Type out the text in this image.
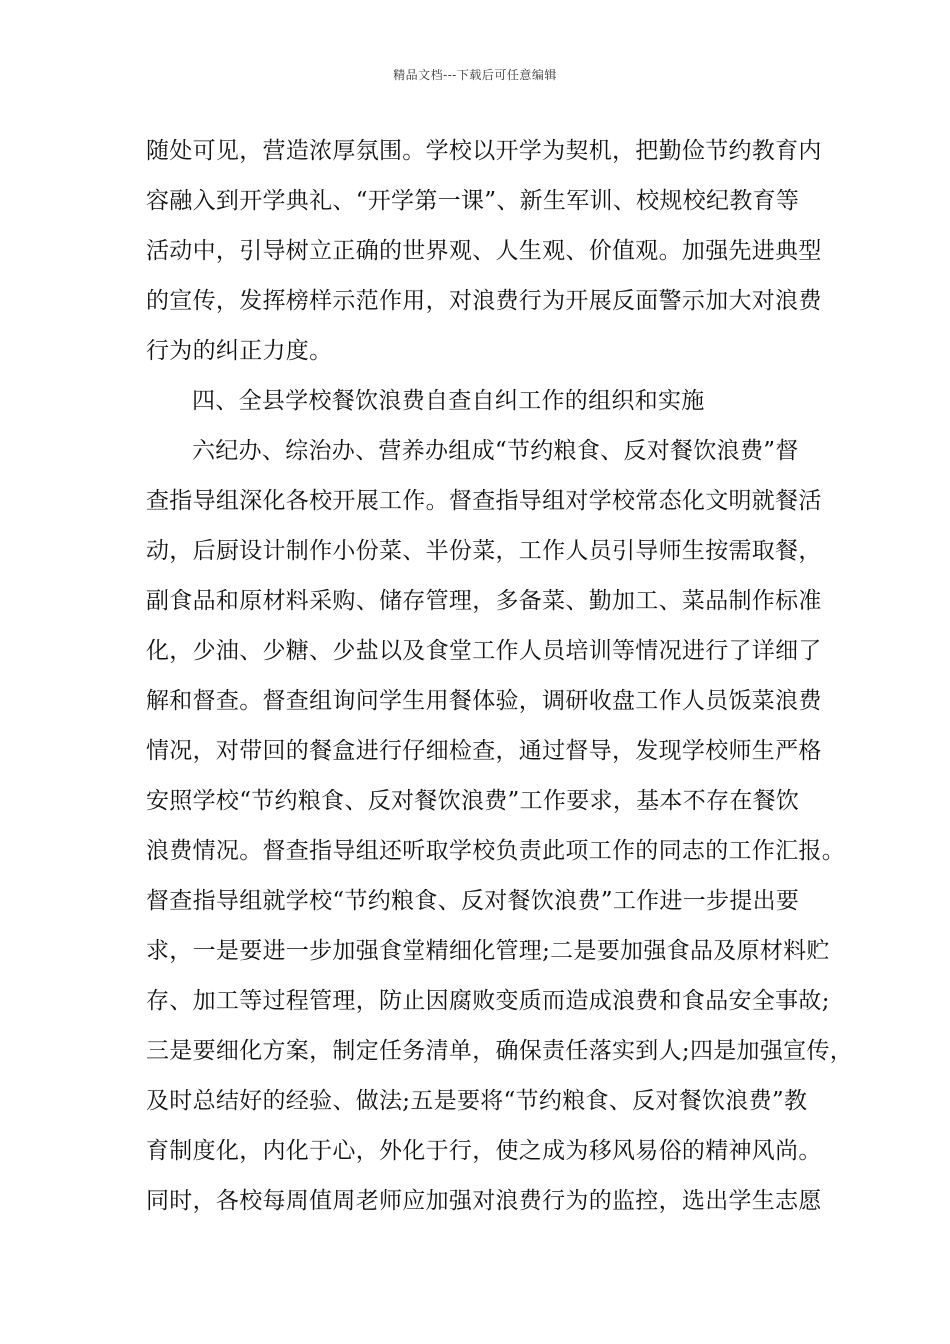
精品文档---下载后可任意编辑
随处可见，营造浓厚氛围。学校以开学为契机，把勤俭节约教育内
容融入到开学典礼、“开学第一课”、新生军训、校规校纪教育等
活动中，引导树立正确的世界观、人生观、价值观。加强先进典型
的宣传，发挥榜样示范作用，对浪费行为开展反面警示加大对浪费
行为的纠正力度。
四、全县学校餐饮浪费自查自纠工作的组织和实施
六纪办、综治办、营养办组成“节约粮食、反对餐饮浪费”督
查指导组深化各校开展工作。督查指导组对学校常态化文明就餐活
动，后厨设计制作小份菜、半份菜，工作人员引导师生按需取餐，
副食品和原材料采购、储存管理，多备菜、勤加工、菜品制作标准
化，少油、少糖、少盐以及食堂工作人员培训等情况进行了详细了
解和督查。督查组询问学生用餐体验，调研收盘工作人员饭菜浪费
情况，对带回的餐盒进行仔细检查，通过督导，发现学校师生严格
安照学校“节约粮食、反对餐饮浪费”工作要求，基本不存在餐饮
浪费情况。督查指导组还听取学校负责此项工作的同志的工作汇报。
督查指导组就学校“节约粮食、反对餐饮浪费”工作进一步提出要
求，一是要进一步加强食堂精细化管理;二是要加强食品及原材料贮
存、加工等过程管理，防止因腐败变质而造成浪费和食品安全事故;
三是要细化方案，制定任务清单，确保责任落实到人;四是加强宣传，
及时总结好的经验、做法;五是要将“节约粮食、反对餐饮浪费”教
育制度化，内化于心，外化于行，使之成为移风易俗的精神风尚。
同时，各校每周值周老师应加强对浪费行为的监控，选出学生志愿
